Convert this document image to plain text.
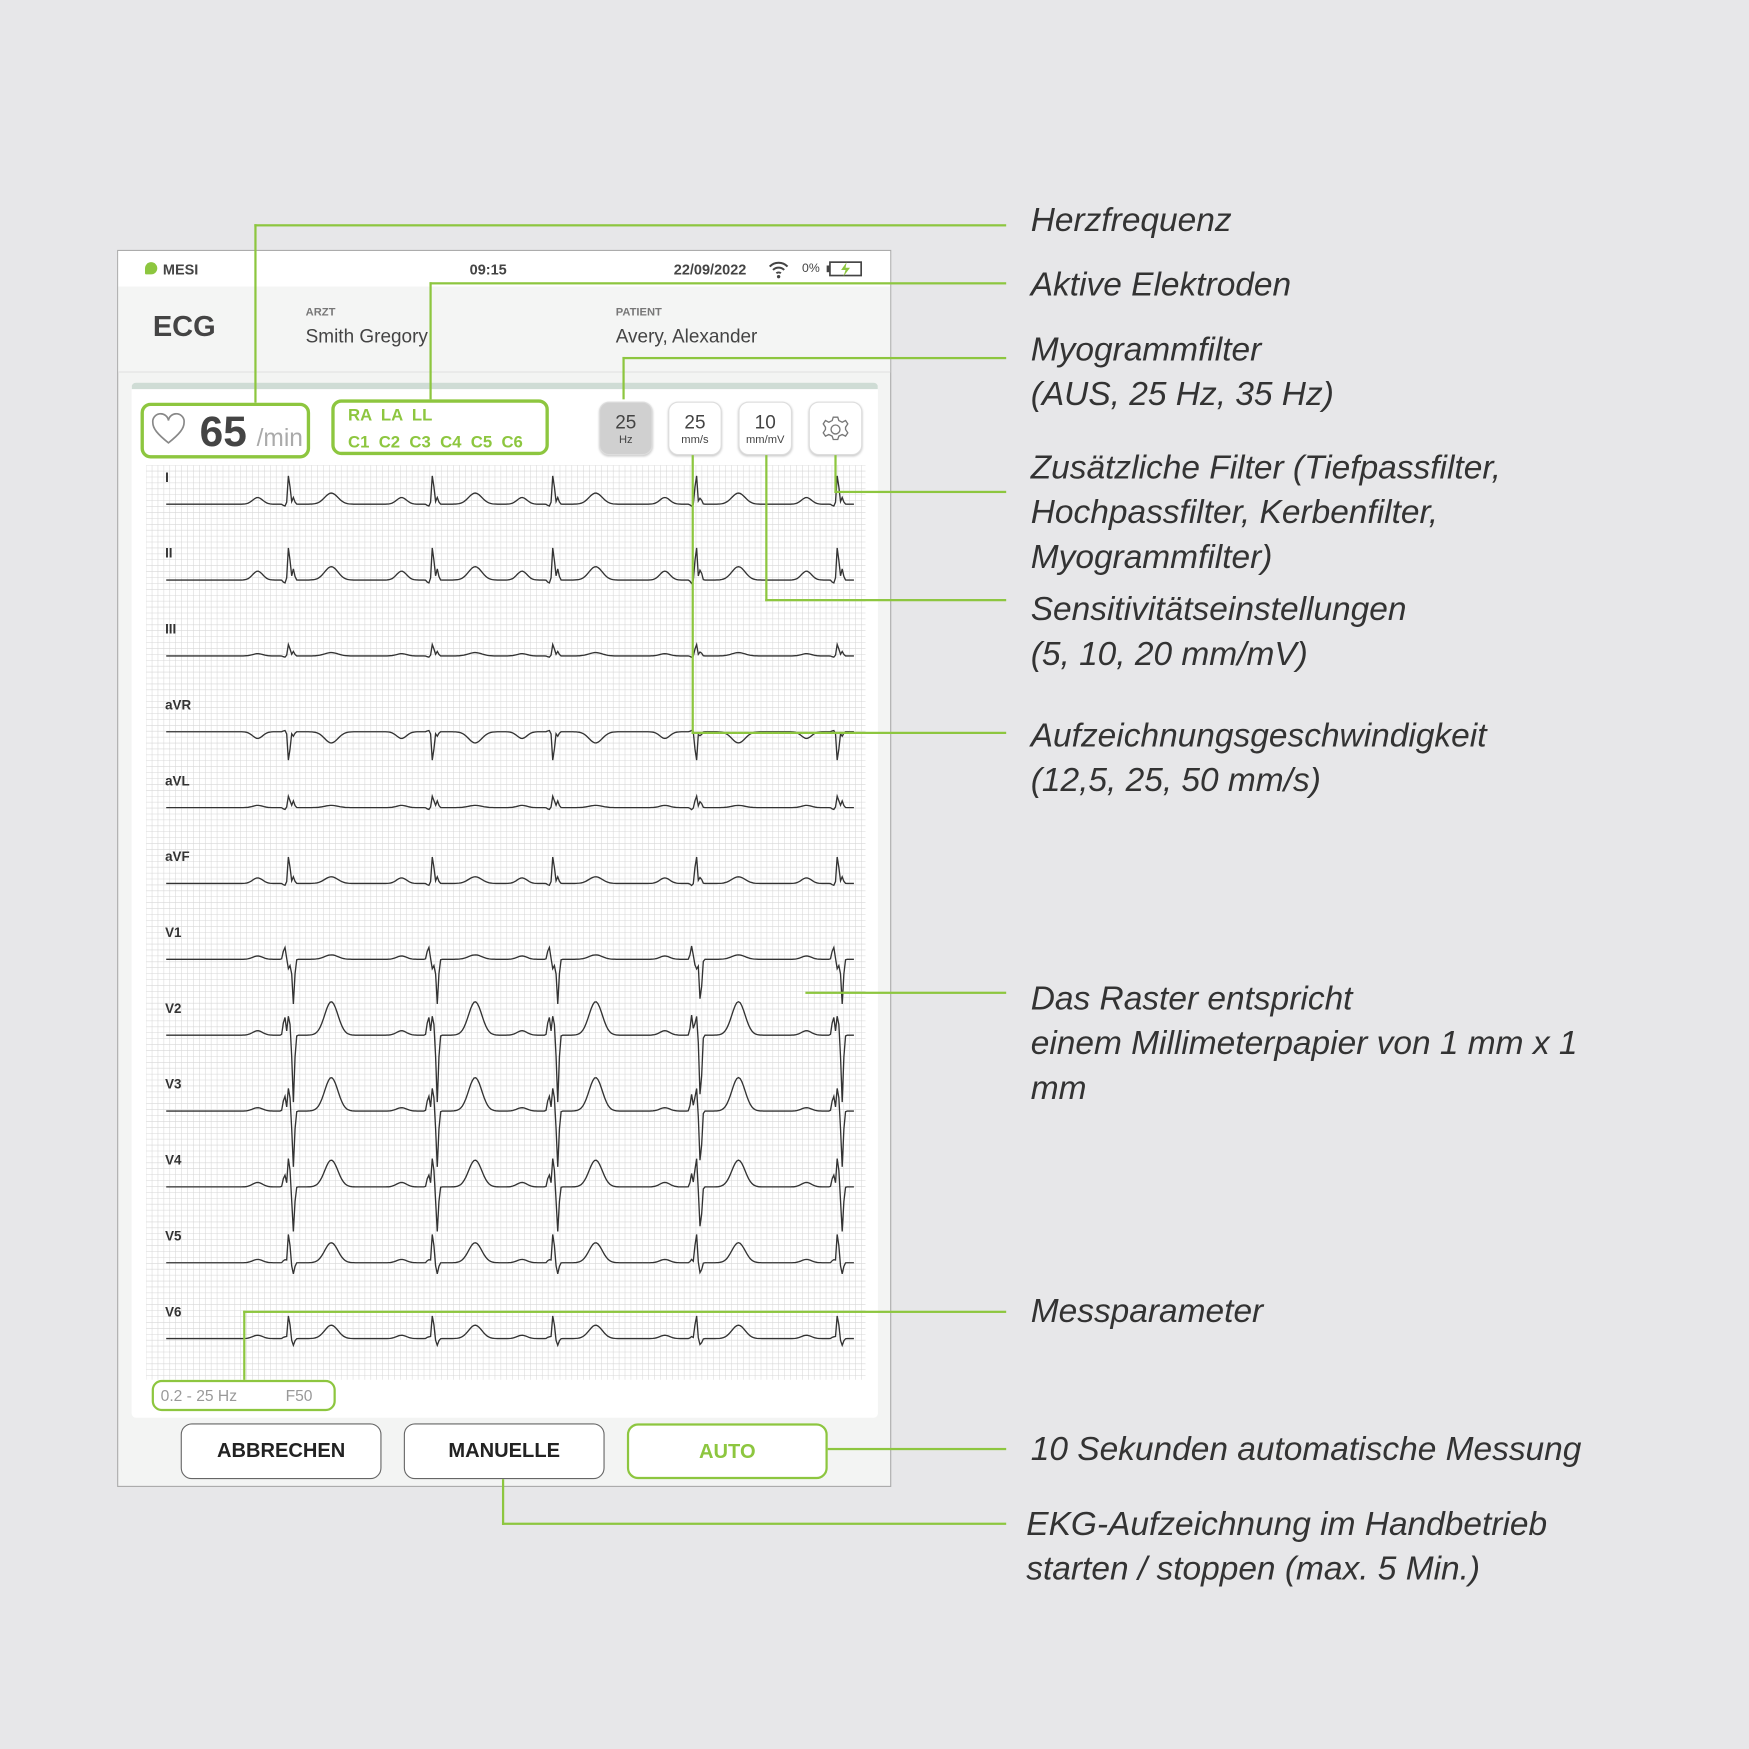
MESI	09:15	22/09/2022	0%
ECG	ARZT
Smith Gregory
PATIENT
Avery, Alexander
65 /min
RA  LA  LL
C1  C2  C3  C4  C5  C6
25
Hz
25
mm/s
10
mm/mV
I
II
III
aVR
aVL
aVF
V1
V2
V3
V4
V5
V6
0.2 - 25 Hz	F50
ABBRECHEN	MANUELLE	AUTO
Herzfrequenz
Aktive Elektroden
Myogrammfilter
(AUS, 25 Hz, 35 Hz)
Zusätzliche Filter (Tiefpassfilter,
Hochpassfilter, Kerbenfilter,
Myogrammfilter)
Sensitivitätseinstellungen
(5, 10, 20 mm/mV)
Aufzeichnungsgeschwindigkeit
(12,5, 25, 50 mm/s)
Das Raster entspricht
einem Millimeterpapier von 1 mm x 1
mm
Messparameter
10 Sekunden automatische Messung
EKG-Aufzeichnung im Handbetrieb
starten / stoppen (max. 5 Min.)
